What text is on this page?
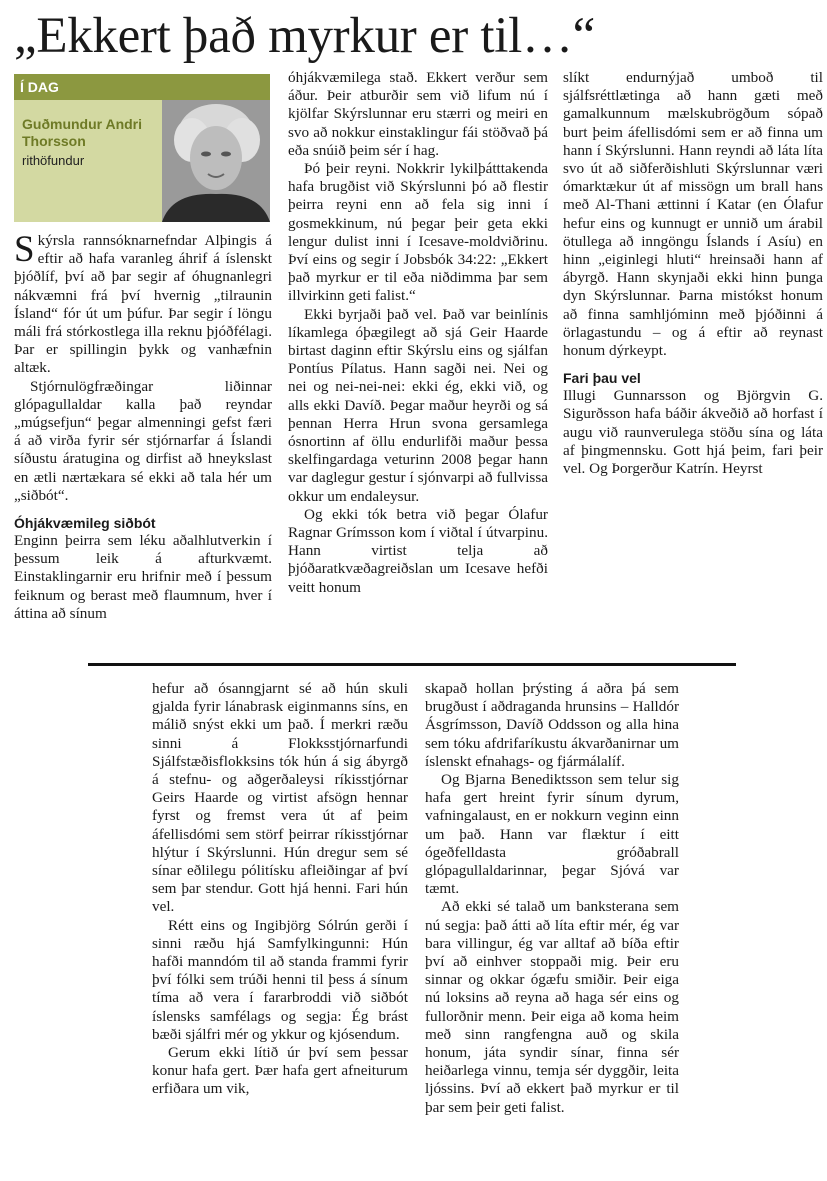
„Ekkert það myrkur er til…“
Í DAG
Guðmundur Andri Thorsson
rithöfundur

Skýrsla rannsóknarnefndar Alþingis á eftir að hafa varanleg áhrif á íslenskt þjóðlíf, því að þar segir af óhugnanlegri nákvæmni frá því hvernig „tilraunin Ísland“ fór út um þúfur. Þar segir í löngu máli frá stórkostlega illa reknu þjóðfélagi. Þar er spillingin þykk og vanhæfnin altæk.

Stjórnulögfræðingar liðinnar glópagullaldar kalla það reyndar „múgsefjun“ þegar almenningi gefst færi á að virða fyrir sér stjórnarfar á Íslandi síðustu áratugina og dirfist að hneykslast en ætli nærtækara sé ekki að tala hér um „siðbót“.

Óhjákvæmileg siðbót

Enginn þeirra sem léku aðalhlutverkin í þessum leik á afturkvæmt. Einstaklingarnir eru hrifnir með í þessum feiknum og berast með flaumnum, hver í áttina að sínum

óhjákvæmilega stað. Ekkert verður sem áður. Þeir atburðir sem við lifum nú í kjölfar Skýrslunnar eru stærri og meiri en svo að nokkur einstaklingur fái stöðvað þá eða snúið þeim sér í hag.

Þó þeir reyni. Nokkrir lykilþátttakenda hafa brugðist við Skýrslunni þó að flestir þeirra reyni enn að fela sig inni í gosmekkinum, nú þegar þeir geta ekki lengur dulist inni í Icesave-moldviðrinu. Því eins og segir í Jobsbók 34:22: „Ekkert það myrkur er til eða niðdimma þar sem illvirkinn geti falist.“

Ekki byrjaði það vel. Það var beinlínis líkamlega óþægilegt að sjá Geir Haarde birtast daginn eftir Skýrslu eins og sjálfan Pontíus Pílatus. Hann sagði nei. Nei og nei og nei-nei-nei: ekki ég, ekki við, og alls ekki Davíð. Þegar maður heyrði og sá þennan Herra Hrun svona gersamlega ósnortinn af öllu endurlifði maður þessa skelfingardaga veturinn 2008 þegar hann var daglegur gestur í sjónvarpi að fullvissa okkur um endaleysur.

Og ekki tók betra við þegar Ólafur Ragnar Grímsson kom í viðtal í útvarpinu. Hann virtist telja að þjóðaratkvæðagreiðslan um Icesave hefði veitt honum

slíkt endurnýjað umboð til sjálfsréttlætinga að hann gæti með gamalkunnum mælskubrögðum sópað burt þeim áfellisdómi sem er að finna um hann í Skýrslunni. Hann reyndi að láta líta svo út að siðferðishluti Skýrslunnar væri ómarktækur út af missögn um brall hans með Al-Thani ættinni í Katar (en Ólafur hefur eins og kunnugt er unnið um árabil ötullega að inngöngu Íslands í Asíu) en hinn „eiginlegi hluti“ hreinsaði hann af ábyrgð. Hann skynjaði ekki hinn þunga dyn Skýrslunnar. Þarna mistókst honum að finna samhljóminn með þjóðinni á örlagastundu – og á eftir að reynast honum dýrkeypt.

Fari þau vel

Illugi Gunnarsson og Björgvin G. Sigurðsson hafa báðir ákveðið að horfast í augu við raunverulega stöðu sína og láta af þingmennsku. Gott hjá þeim, fari þeir vel. Og Þorgerður Katrín. Heyrst

hefur að ósanngjarnt sé að hún skuli gjalda fyrir lánabrask eiginmanns síns, en málið snýst ekki um það. Í merkri ræðu sinni á Flokksstjórnarfundi Sjálfstæðisflokksins tók hún á sig ábyrgð á stefnu- og aðgerðaleysi ríkisstjórnar Geirs Haarde og virtist afsögn hennar fyrst og fremst vera út af þeim áfellisdómi sem störf þeirrar ríkisstjórnar hlýtur í Skýrslunni. Hún dregur sem sé sínar eðlilegu pólitísku afleiðingar af því sem þar stendur. Gott hjá henni. Fari hún vel.

Rétt eins og Ingibjörg Sólrún gerði í sinni ræðu hjá Samfylkingunni: Hún hafði manndóm til að standa frammi fyrir því fólki sem trúði henni til þess á sínum tíma að vera í fararbroddi við siðbót íslensks samfélags og segja: Ég brást bæði sjálfri mér og ykkur og kjósendum.

Gerum ekki lítið úr því sem þessar konur hafa gert. Þær hafa gert afneiturum erfiðara um vik,

skapað hollan þrýsting á aðra þá sem brugðust í aðdraganda hrunsins – Halldór Ásgrímsson, Davíð Oddsson og alla hina sem tóku afdrifaríkustu ákvarðanirnar um íslenskt efnahags- og fjármálalíf.

Og Bjarna Benediktsson sem telur sig hafa gert hreint fyrir sínum dyrum, vafningalaust, en er nokkurn veginn einn um það. Hann var flæktur í eitt ógeðfelldasta gróðabrall glópagullaldarinnar, þegar Sjóvá var tæmt.

Að ekki sé talað um banksterana sem nú segja: það átti að líta eftir mér, ég var bara villingur, ég var alltaf að bíða eftir því að einhver stoppaði mig. Þeir eru sinnar og okkar ógæfu smiðir. Þeir eiga nú loksins að reyna að haga sér eins og fullorðnir menn. Þeir eiga að koma heim með sinn rangfengna auð og skila honum, játa syndir sínar, finna sér heiðarlega vinnu, temja sér dyggðir, leita ljóssins. Því að ekkert það myrkur er til þar sem þeir geti falist.
